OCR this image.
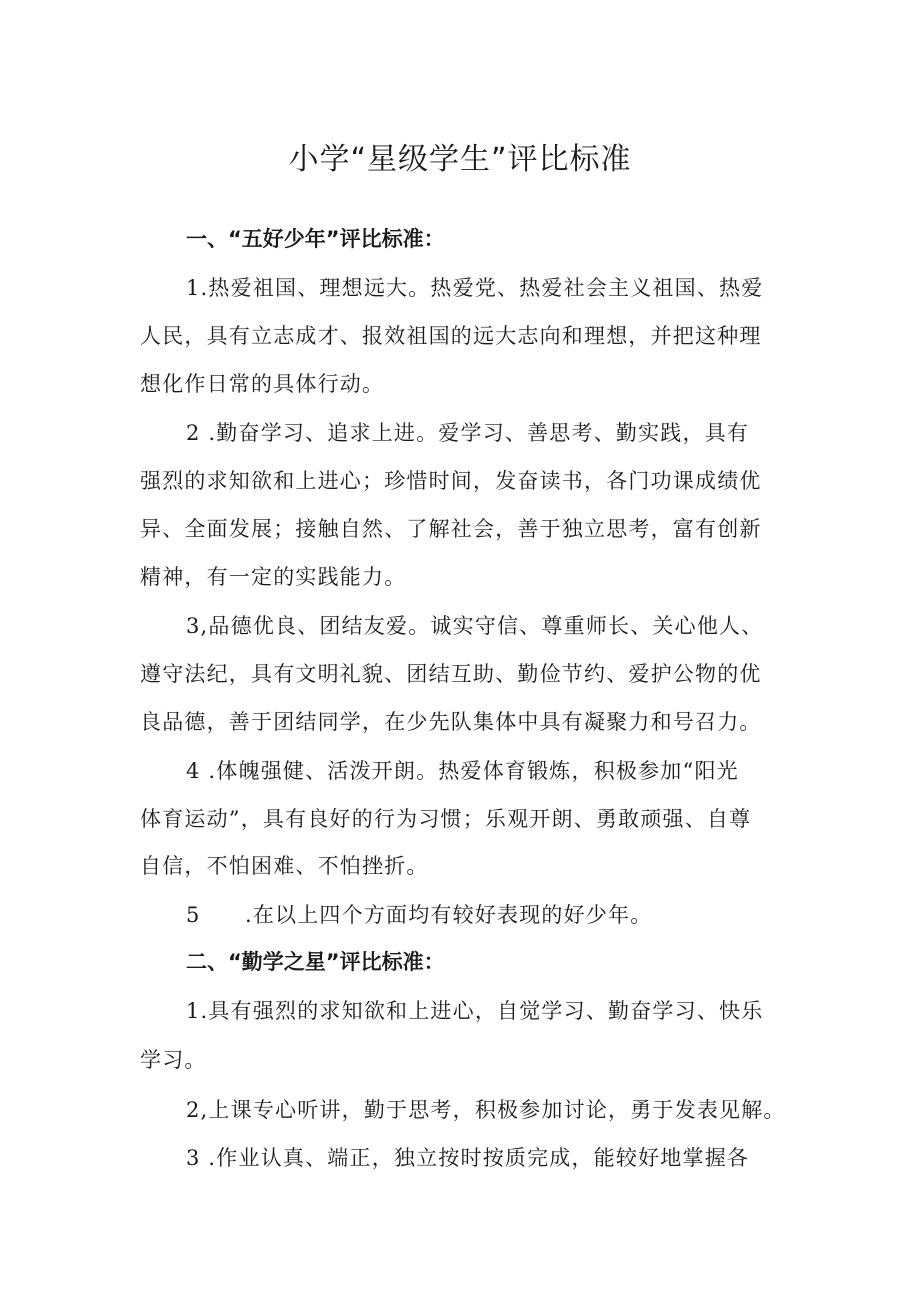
小学“星级学生”评比标准
一、“五好少年”评比标准：
1.热爱祖国、理想远大。热爱党、热爱社会主义祖国、热爱
人民，具有立志成才、报效祖国的远大志向和理想，并把这种理
想化作日常的具体行动。
2 .勤奋学习、追求上进。爱学习、善思考、勤实践，具有
强烈的求知欲和上进心；珍惜时间，发奋读书，各门功课成绩优
异、全面发展；接触自然、了解社会，善于独立思考，富有创新
精神，有一定的实践能力。
3,品德优良、团结友爱。诚实守信、尊重师长、关心他人、
遵守法纪，具有文明礼貌、团结互助、勤俭节约、爱护公物的优
良品德，善于团结同学，在少先队集体中具有凝聚力和号召力。
4 .体魄强健、活泼开朗。热爱体育锻炼，积极参加“阳光
体育运动”，具有良好的行为习惯；乐观开朗、勇敢顽强、自尊
自信，不怕困难、不怕挫折。
5　　.在以上四个方面均有较好表现的好少年。
二、“勤学之星”评比标准：
1.具有强烈的求知欲和上进心，自觉学习、勤奋学习、快乐
学习。
2,上课专心听讲，勤于思考，积极参加讨论，勇于发表见解。
3 .作业认真、端正，独立按时按质完成，能较好地掌握各
